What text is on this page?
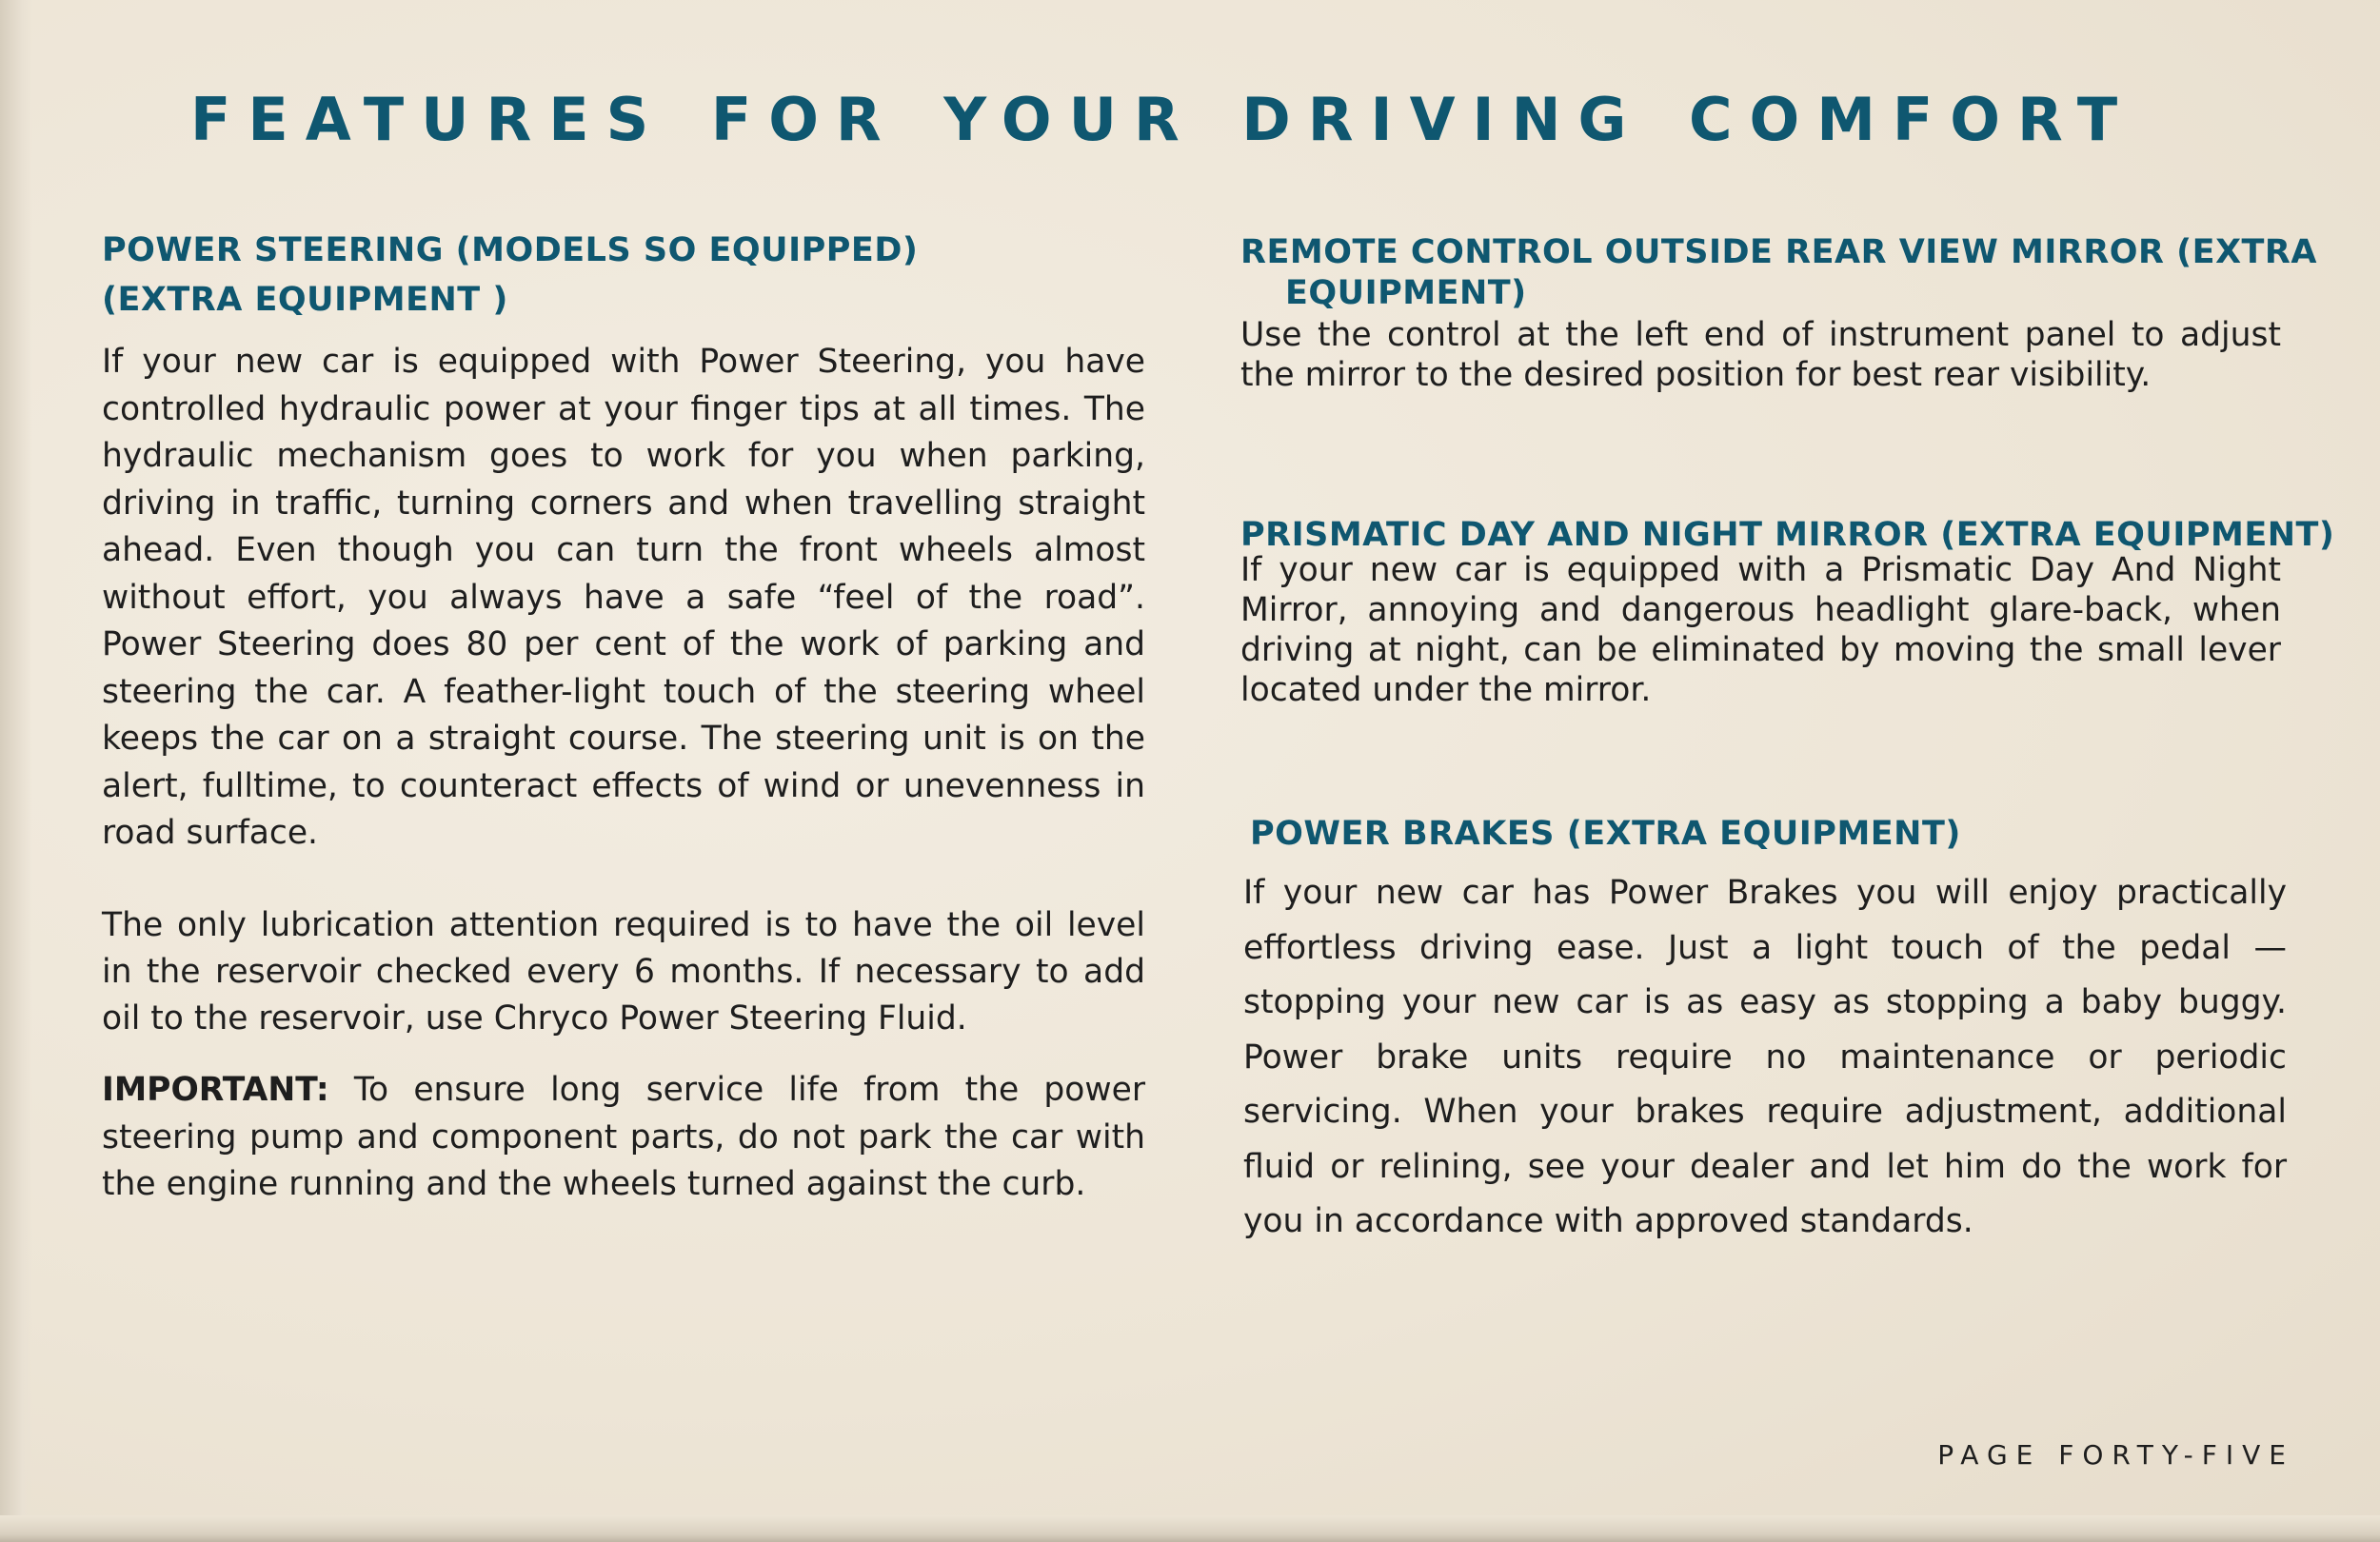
FEATURES FOR YOUR DRIVING COMFORT
POWER STEERING (MODELS SO EQUIPPED)
(EXTRA EQUIPMENT )

If your new car is equipped with Power Steering, you have controlled hydraulic power at your finger tips at all times. The hydraulic mechanism goes to work for you when parking, driving in traffic, turning corners and when travelling straight ahead. Even though you can turn the front wheels almost without effort, you always have a safe “feel of the road”. Power Steering does 80 per cent of the work of parking and steering the car. A feather-light touch of the steering wheel keeps the car on a straight course. The steering unit is on the alert, fulltime, to counteract effects of wind or unevenness in road surface.

The only lubrication attention required is to have the oil level in the reservoir checked every 6 months. If necessary to add oil to the reservoir, use Chryco Power Steering Fluid.

IMPORTANT: To ensure long service life from the power steering pump and component parts, do not park the car with the engine running and the wheels turned against the curb.

REMOTE CONTROL OUTSIDE REAR VIEW MIRROR (EXTRA
EQUIPMENT)

Use the control at the left end of instrument panel to adjust the mirror to the desired position for best rear visibility.

PRISMATIC DAY AND NIGHT MIRROR (EXTRA EQUIPMENT)

If your new car is equipped with a Prismatic Day And Night Mirror, annoying and dangerous headlight glare-back, when driving at night, can be eliminated by moving the small lever located under the mirror.

POWER BRAKES (EXTRA EQUIPMENT)

If your new car has Power Brakes you will enjoy practically effortless driving ease. Just a light touch of the pedal — stopping your new car is as easy as stopping a baby buggy. Power brake units require no maintenance or periodic servicing. When your brakes require adjustment, additional fluid or relining, see your dealer and let him do the work for you in accordance with approved standards.

PAGE FORTY-FIVE
